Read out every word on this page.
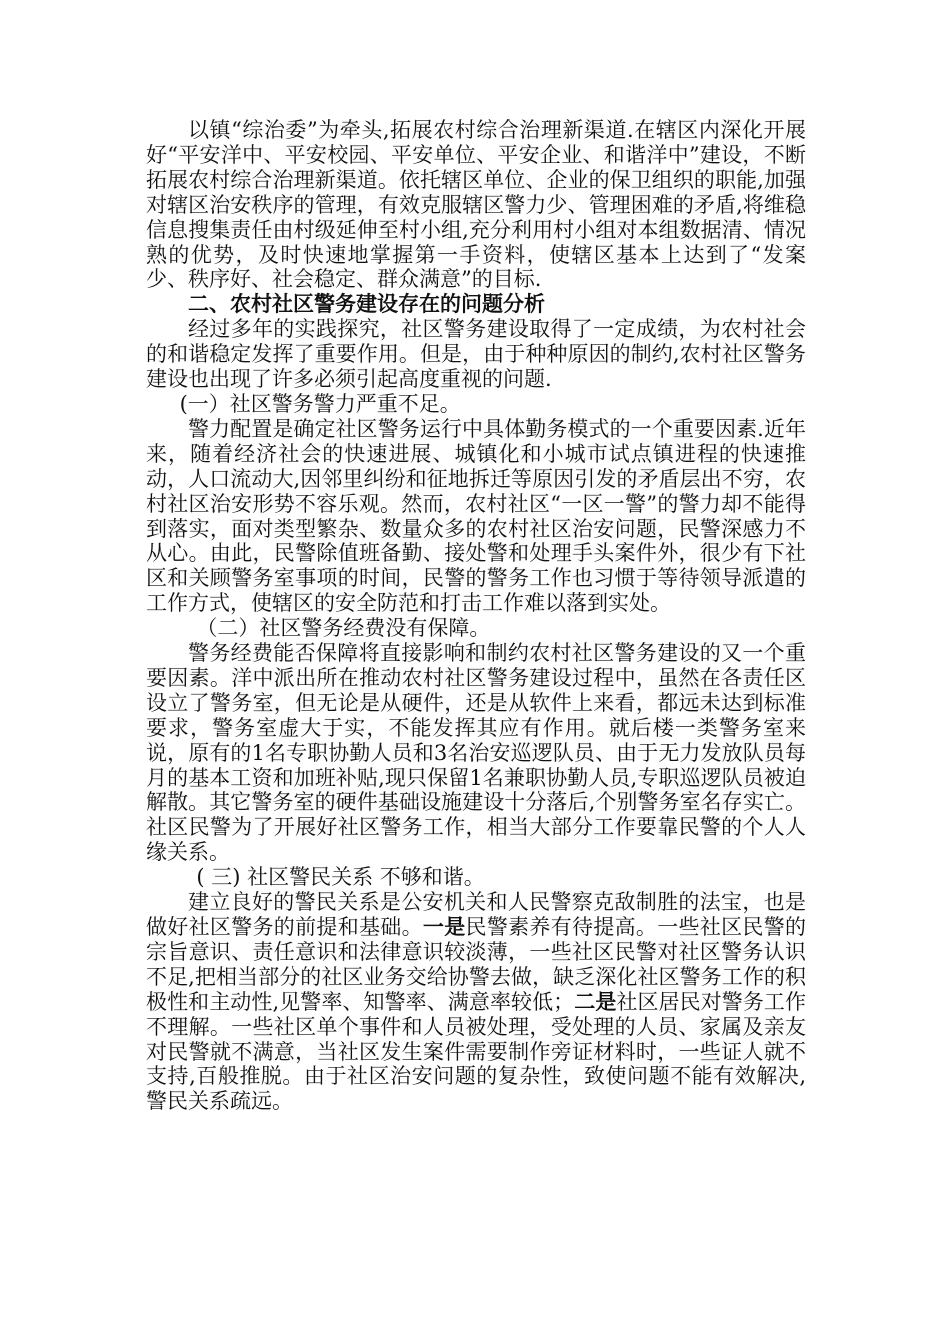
以镇“综治委”为牵头,拓展农村综合治理新渠道.在辖区内深化开展好“平安洋中、平安校园、平安单位、平安企业、和谐洋中”建设，不断拓展农村综合治理新渠道。依托辖区单位、企业的保卫组织的职能,加强对辖区治安秩序的管理，有效克服辖区警力少、管理困难的矛盾,将维稳信息搜集责任由村级延伸至村小组,充分利用村小组对本组数据清、情况熟的优势，及时快速地掌握第一手资料，使辖区基本上达到了“发案少、秩序好、社会稳定、群众满意”的目标.

二、农村社区警务建设存在的问题分析

经过多年的实践探究，社区警务建设取得了一定成绩，为农村社会的和谐稳定发挥了重要作用。但是，由于种种原因的制约,农村社区警务建设也出现了许多必须引起高度重视的问题.

(一）社区警务警力严重不足。

警力配置是确定社区警务运行中具体勤务模式的一个重要因素.近年来，随着经济社会的快速进展、城镇化和小城市试点镇进程的快速推动，人口流动大,因邻里纠纷和征地拆迁等原因引发的矛盾层出不穷，农村社区治安形势不容乐观。然而，农村社区“一区一警”的警力却不能得到落实，面对类型繁杂、数量众多的农村社区治安问题，民警深感力不从心。由此，民警除值班备勤、接处警和处理手头案件外，很少有下社区和关顾警务室事项的时间，民警的警务工作也习惯于等待领导派遣的工作方式，使辖区的安全防范和打击工作难以落到实处。

（二）社区警务经费没有保障。

警务经费能否保障将直接影响和制约农村社区警务建设的又一个重要因素。洋中派出所在推动农村社区警务建设过程中，虽然在各责任区设立了警务室，但无论是从硬件，还是从软件上来看，都远未达到标准要求，警务室虚大于实，不能发挥其应有作用。就后楼一类警务室来说，原有的1名专职协勤人员和3名治安巡逻队员、由于无力发放队员每月的基本工资和加班补贴,现只保留1名兼职协勤人员,专职巡逻队员被迫解散。其它警务室的硬件基础设施建设十分落后,个别警务室名存实亡。社区民警为了开展好社区警务工作，相当大部分工作要靠民警的个人人缘关系。

( 三) 社区警民关系 不够和谐。

建立良好的警民关系是公安机关和人民警察克敌制胜的法宝，也是做好社区警务的前提和基础。一是民警素养有待提高。一些社区民警的宗旨意识、责任意识和法律意识较淡薄，一些社区民警对社区警务认识不足,把相当部分的社区业务交给协警去做，缺乏深化社区警务工作的积极性和主动性,见警率、知警率、满意率较低；二是社区居民对警务工作不理解。一些社区单个事件和人员被处理，受处理的人员、家属及亲友对民警就不满意，当社区发生案件需要制作旁证材料时，一些证人就不支持,百般推脱。由于社区治安问题的复杂性，致使问题不能有效解决,警民关系疏远。
